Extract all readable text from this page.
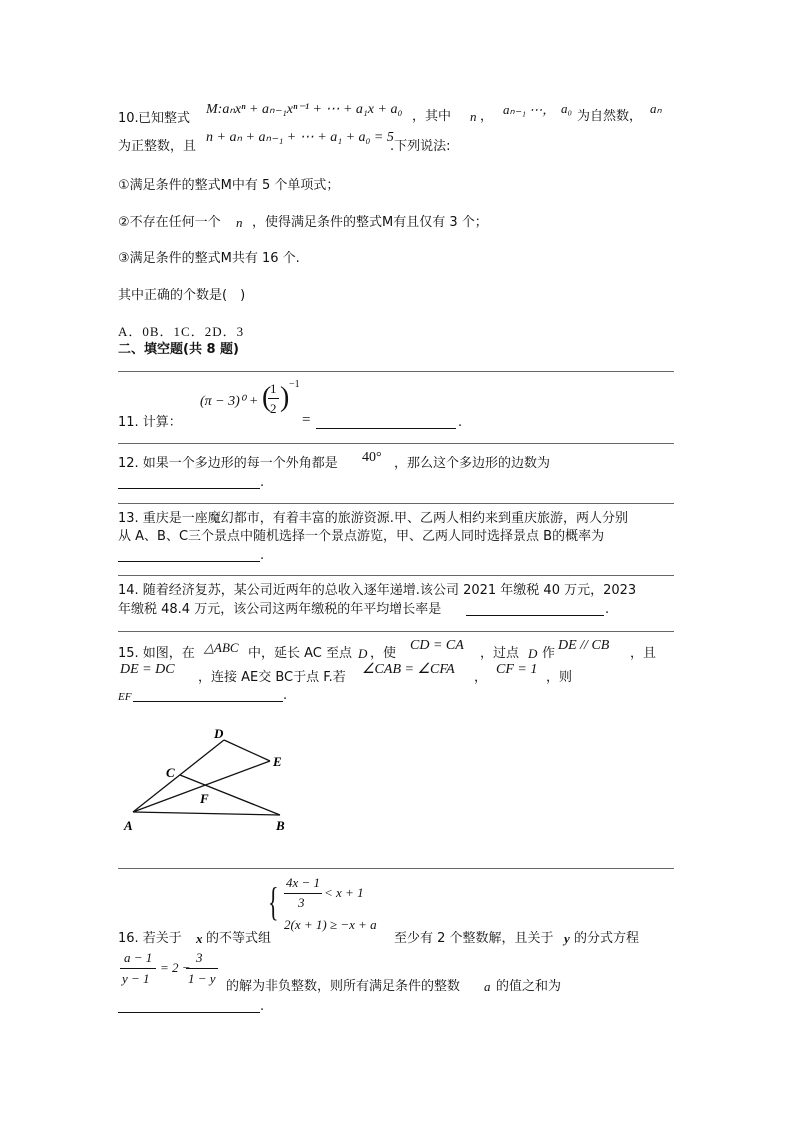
10. 已知整式
M:aₙxⁿ + aₙ₋₁xⁿ⁻¹ + ⋯ + a₁x + a₀ ，其中 n ， aₙ₋₁ ⋯， a₀
为自然数，
aₙ
为正整数，且
n + aₙ + aₙ₋₁ + ⋯ + a₁ + a₀ = 5
.下列说法:
①满足条件的整式M中有 5 个单项式；
②不存在任何一个 n ，使得满足条件的整式M有且仅有 3 个；
③满足条件的整式M共有 16 个.
其中正确的个数是(　)
A．0B．1C．2D．3
二、填空题(共 8 题)
11. 计算：
(π − 3)⁰ + (
1
2 ) −1
=	.
12. 如果一个多边形的每一个外角都是 40° ，那么这个多边形的边数为
.
13. 重庆是一座魔幻都市，有着丰富的旅游资源.甲、乙两人相约来到重庆旅游，两人分别
从 A、B、C三个景点中随机选择一个景点游览，甲、乙两人同时选择景点 B的概率为
.
14. 随着经济复苏，某公司近两年的总收入逐年递增.该公司 2021 年缴税 40 万元，2023
年缴税 48.4 万元，该公司这两年缴税的年平均增长率是	.
15. 如图，在 △ABC 中，延长 AC 至点 D ，使
CD = CA
，过点 D 作
DE // CB
，且
DE = DC
，连接 AE交 BC于点 F.若
∠CAB = ∠CFA
，
CF = 1
，则
EF	.
D
E
C
F
A	B
{ 4x − 1
3
< x + 1
2(x + 1) ≥ −x + a
16. 若关于 x 的不等式组	至少有 2 个整数解，且关于 y 的分式方程
a − 1
y − 1
= 2 −
3
1 − y
的解为非负整数，则所有满足条件的整数 a 的值之和为
.
